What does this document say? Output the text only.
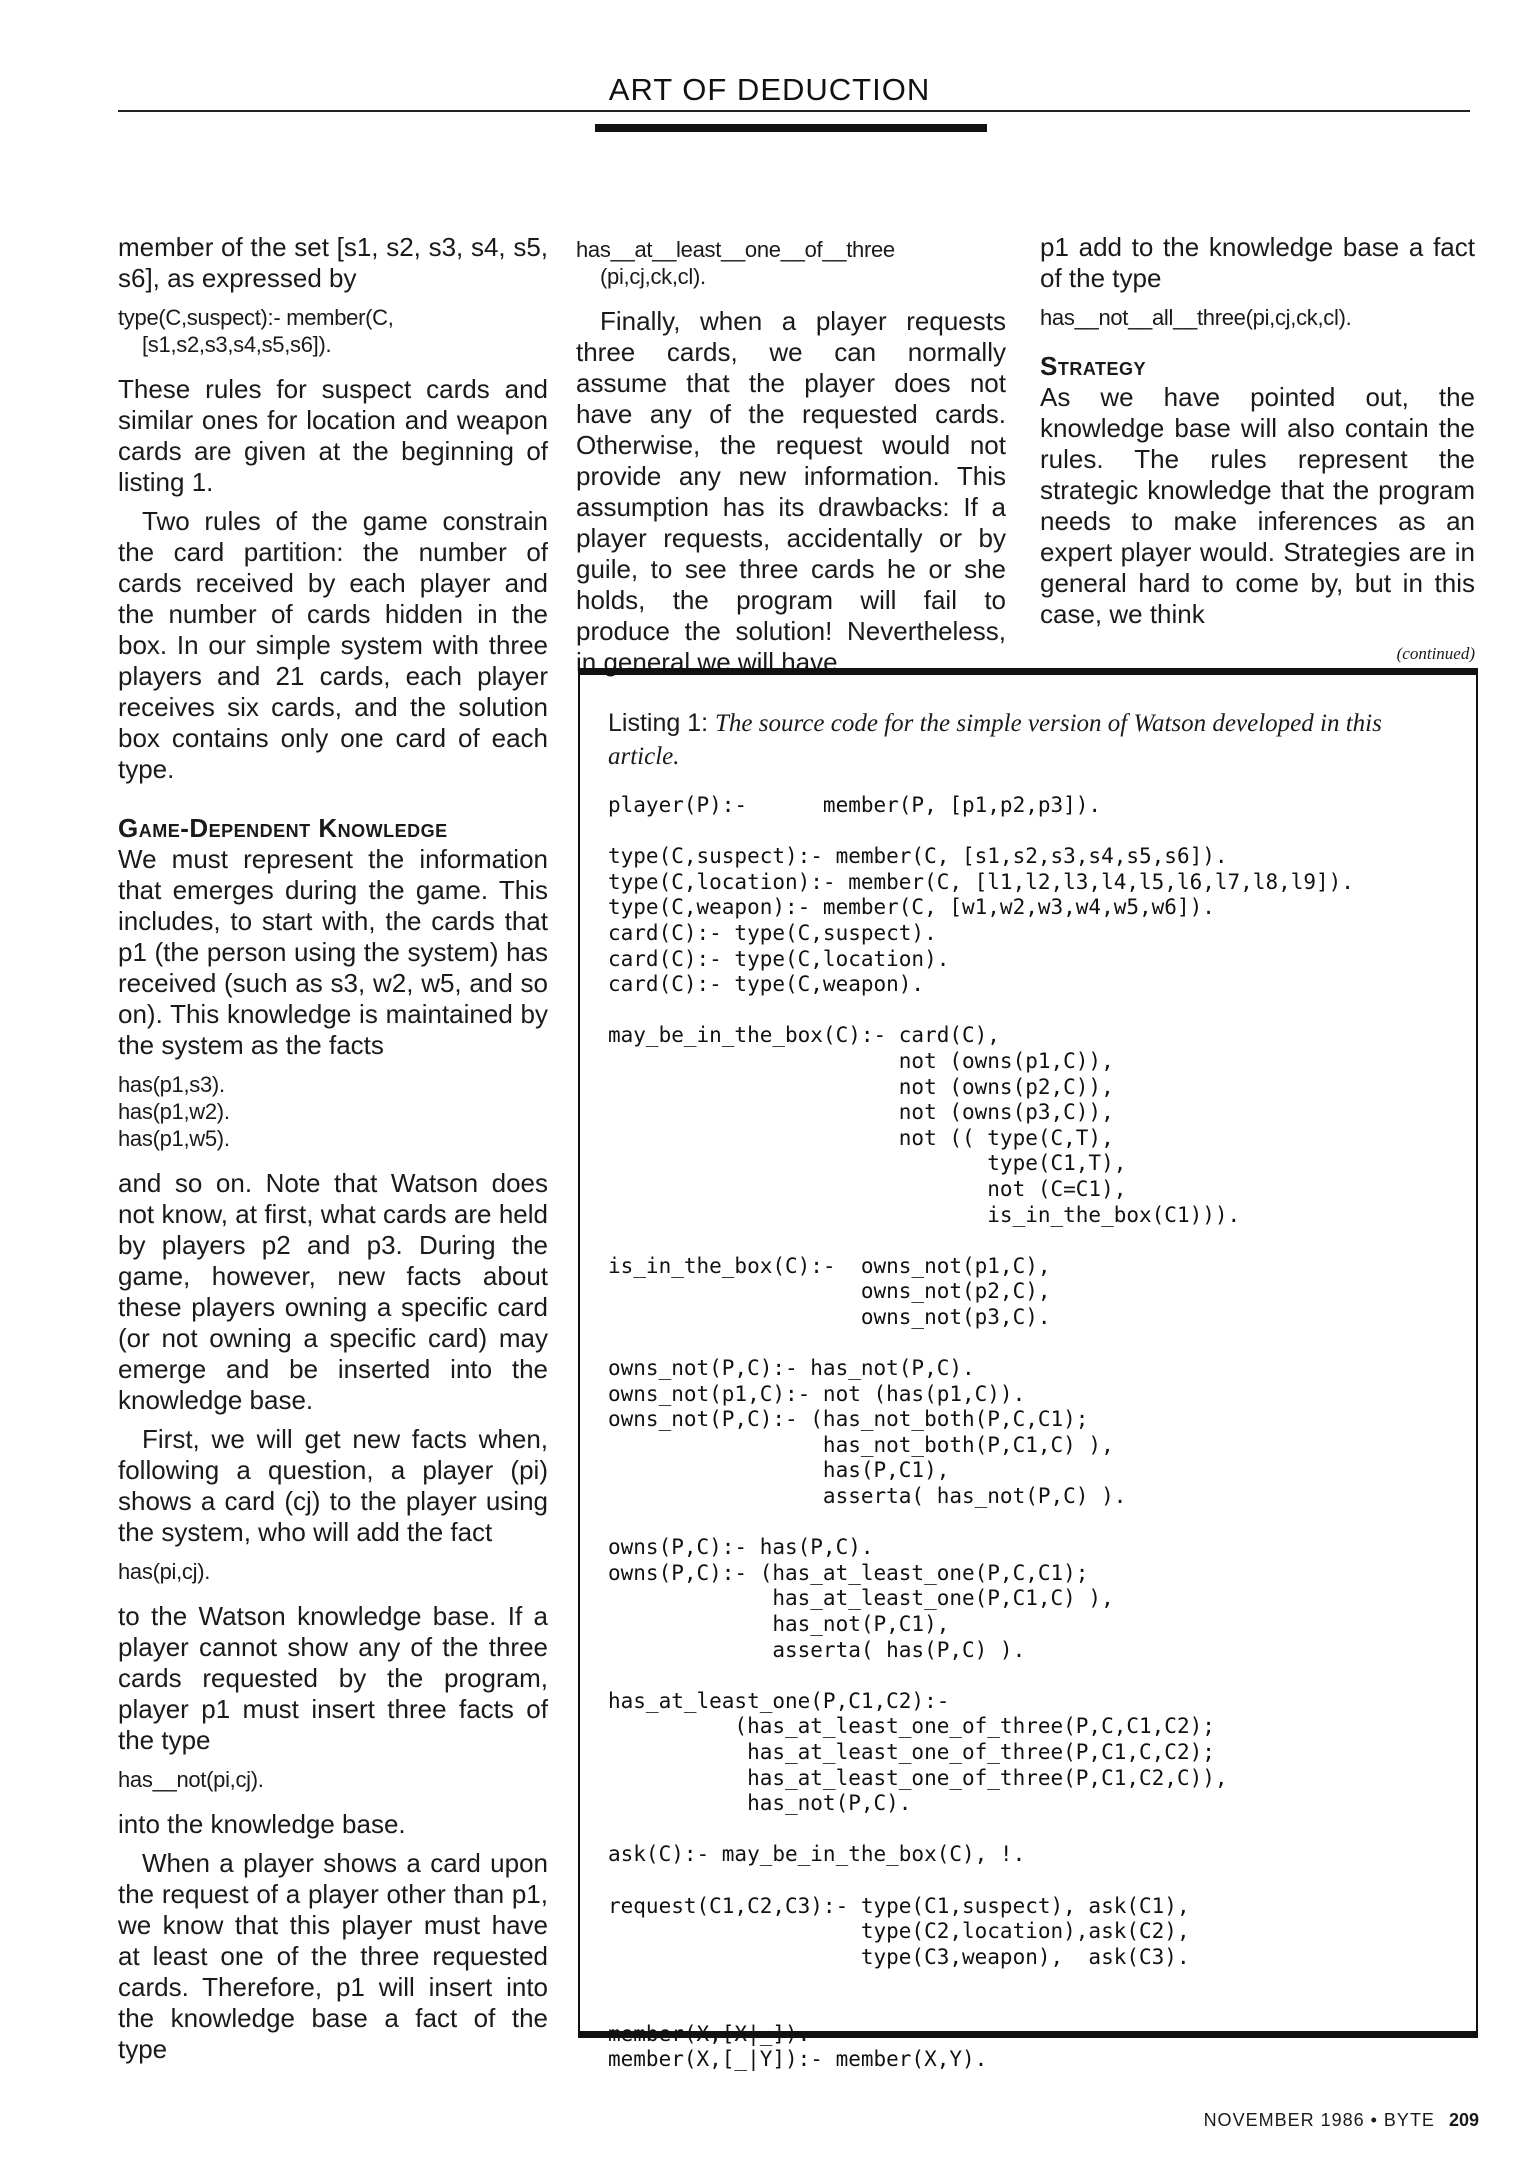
ART OF DEDUCTION

member of the set [s1, s2, s3, s4, s5, s6], as expressed by

type(C,suspect):- member(C,[s1,s2,s3,s4,s5,s6]).

These rules for suspect cards and similar ones for location and weapon cards are given at the beginning of listing 1.

Two rules of the game constrain the card partition: the number of cards received by each player and the number of cards hidden in the box. In our simple system with three players and 21 cards, each player receives six cards, and the solution box contains only one card of each type.

Game-Dependent Knowledge

We must represent the information that emerges during the game. This includes, to start with, the cards that p1 (the person using the system) has received (such as s3, w2, w5, and so on). This knowledge is maintained by the system as the facts

has(p1,s3).
has(p1,w2).
has(p1,w5).

and so on. Note that Watson does not know, at first, what cards are held by players p2 and p3. During the game, however, new facts about these players owning a specific card (or not owning a specific card) may emerge and be inserted into the knowledge base.

First, we will get new facts when, following a question, a player (pi) shows a card (cj) to the player using the system, who will add the fact

has(pi,cj).

to the Watson knowledge base. If a player cannot show any of the three cards requested by the program, player p1 must insert three facts of the type

has__not(pi,cj).

into the knowledge base.

When a player shows a card upon the request of a player other than p1, we know that this player must have at least one of the three requested cards. Therefore, p1 will insert into the knowledge base a fact of the type

has__at__least__one__of__three (pi,cj,ck,cl).

Finally, when a player requests three cards, we can normally assume that the player does not have any of the requested cards. Otherwise, the request would not provide any new information. This assumption has its drawbacks: If a player requests, accidentally or by guile, to see three cards he or she holds, the program will fail to produce the solution! Nevertheless, in general we will have

p1 add to the knowledge base a fact of the type

has__not__all__three(pi,cj,ck,cl).
Strategy

As we have pointed out, the knowledge base will also contain the rules. The rules represent the strategic knowledge that the program needs to make inferences as an expert player would. Strategies are in general hard to come by, but in this case, we think

(continued)
Listing 1: The source code for the simple version of Watson developed in this article.
player(P):-      member(P, [p1,p2,p3]).

type(C,suspect):- member(C, [s1,s2,s3,s4,s5,s6]).
type(C,location):- member(C, [l1,l2,l3,l4,l5,l6,l7,l8,l9]).
type(C,weapon):- member(C, [w1,w2,w3,w4,w5,w6]).
card(C):- type(C,suspect).
card(C):- type(C,location).
card(C):- type(C,weapon).

may_be_in_the_box(C):- card(C),
not (owns(p1,C)),
not (owns(p2,C)),
not (owns(p3,C)),
not (( type(C,T),
type(C1,T),
not (C=C1),
is_in_the_box(C1))).

is_in_the_box(C):-  owns_not(p1,C),
owns_not(p2,C),
owns_not(p3,C).

owns_not(P,C):- has_not(P,C).
owns_not(p1,C):- not (has(p1,C)).
owns_not(P,C):- (has_not_both(P,C,C1);
has_not_both(P,C1,C) ),
has(P,C1),
asserta( has_not(P,C) ).

owns(P,C):- has(P,C).
owns(P,C):- (has_at_least_one(P,C,C1);
has_at_least_one(P,C1,C) ),
has_not(P,C1),
asserta( has(P,C) ).

has_at_least_one(P,C1,C2):-
(has_at_least_one_of_three(P,C,C1,C2);
has_at_least_one_of_three(P,C1,C,C2);
has_at_least_one_of_three(P,C1,C2,C)),
has_not(P,C).

ask(C):- may_be_in_the_box(C), !.

request(C1,C2,C3):- type(C1,suspect), ask(C1),
type(C2,location),ask(C2),
type(C3,weapon),  ask(C3).

member(X,[X|_]).
member(X,[_|Y]):- member(X,Y).
NOVEMBER 1986 • BYTE 209
